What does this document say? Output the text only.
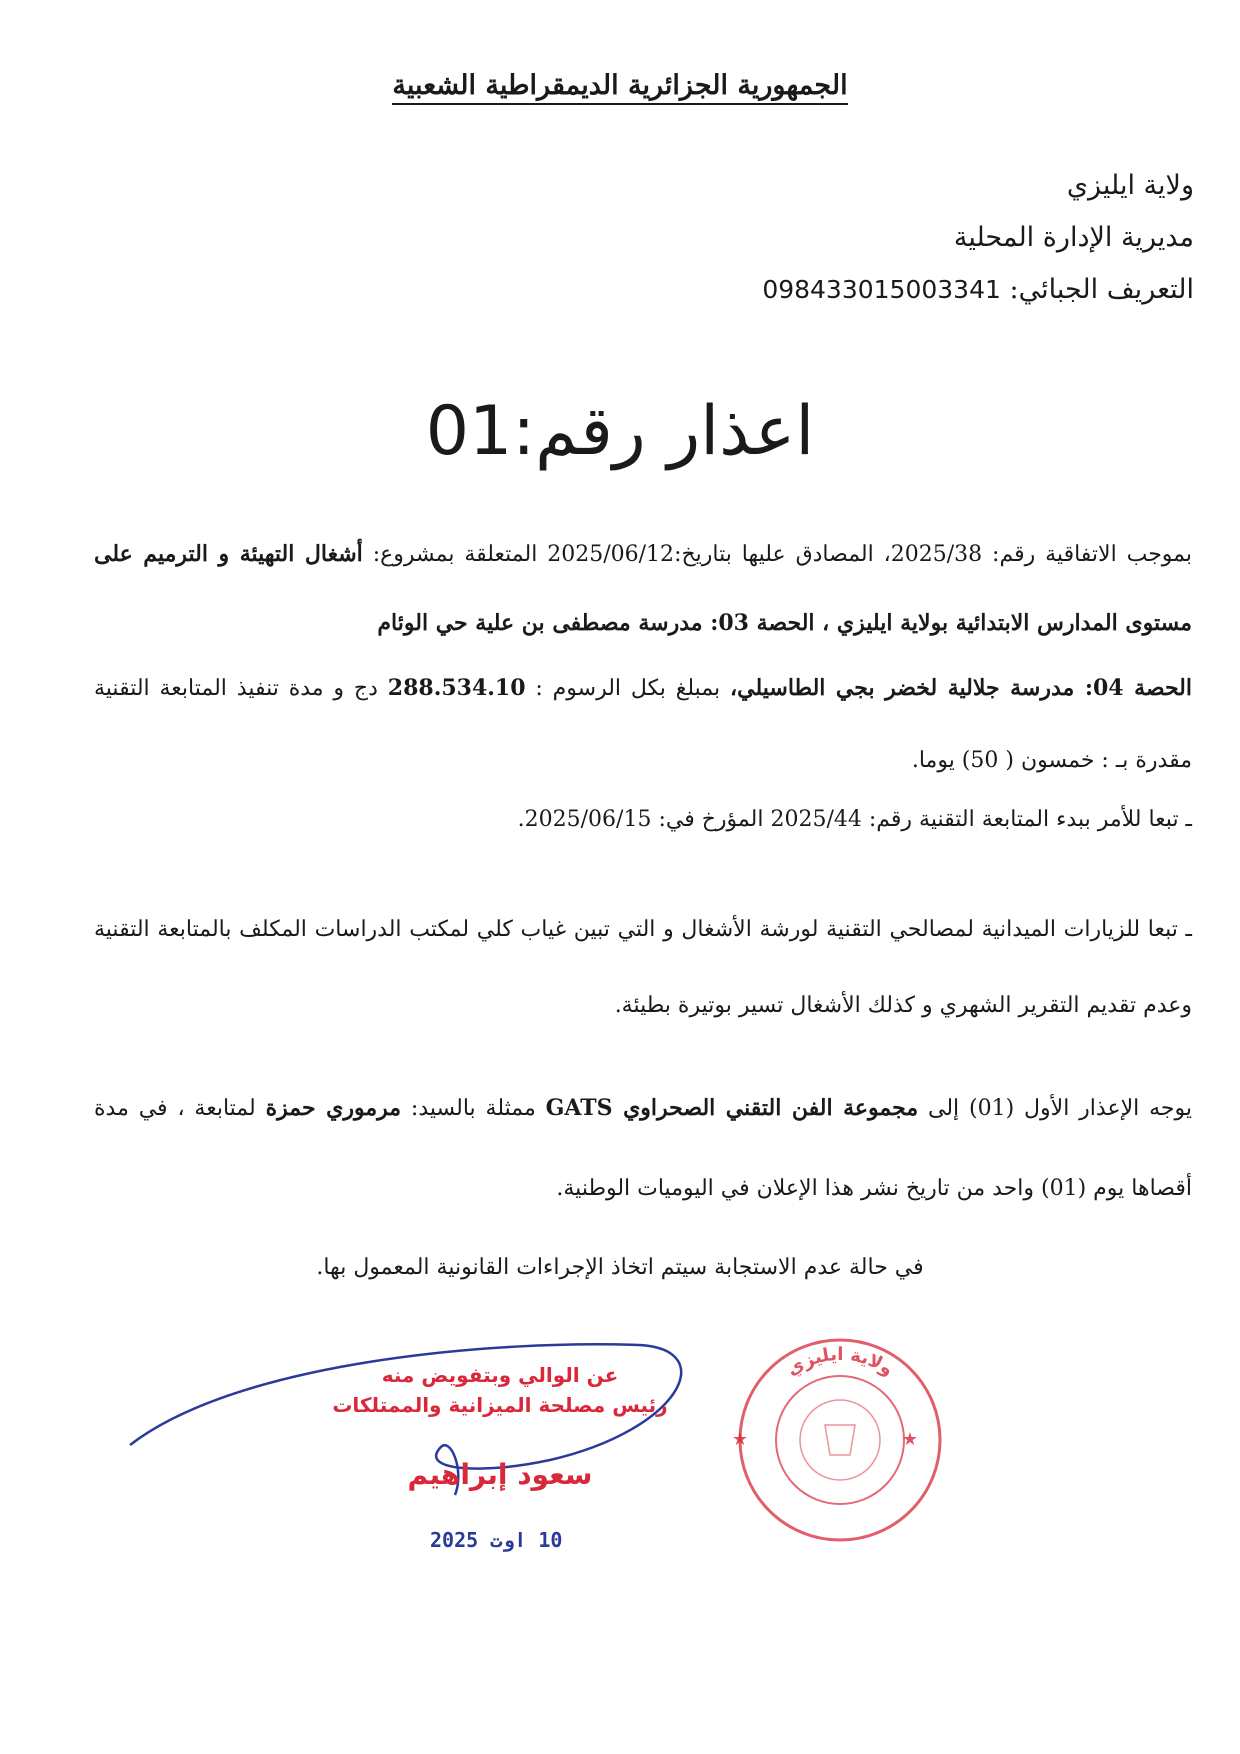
الجمهورية الجزائرية الديمقراطية الشعبية
ولاية ايليزي
مديرية الإدارة المحلية
التعريف الجبائي: 098433015003341
اعذار رقم:01
بموجب الاتفاقية رقم: 2025/38، المصادق عليها بتاريخ:2025/06/12 المتعلقة بمشروع: أشغال التهيئة و الترميم على مستوى المدارس الابتدائية بولاية ايليزي ، الحصة 03: مدرسة مصطفى بن علية حي الوئام
الحصة 04: مدرسة جلالية لخضر بجي الطاسيلي، بمبلغ بكل الرسوم : 288.534.10 دج و مدة تنفيذ المتابعة التقنية مقدرة بـ : خمسون ( 50) يوما.
ـ تبعا للأمر ببدء المتابعة التقنية رقم: 2025/44 المؤرخ في: 2025/06/15.
ـ تبعا للزيارات الميدانية لمصالحي التقنية لورشة الأشغال و التي تبين غياب كلي لمكتب الدراسات المكلف بالمتابعة التقنية وعدم تقديم التقرير الشهري و كذلك الأشغال تسير بوتيرة بطيئة.
يوجه الإعذار الأول (01) إلى مجموعة الفن التقني الصحراوي GATS ممثلة بالسيد: مرموري حمزة لمتابعة ، في مدة أقصاها يوم (01) واحد من تاريخ نشر هذا الإعلان في اليوميات الوطنية.
في حالة عدم الاستجابة سيتم اتخاذ الإجراءات القانونية المعمول بها.
عن الوالي وبتفويض منه
رئيس مصلحة الميزانية والممتلكات
سعود إبراهيم
10 اوت 2025
ولاية ايليزي
★	★
